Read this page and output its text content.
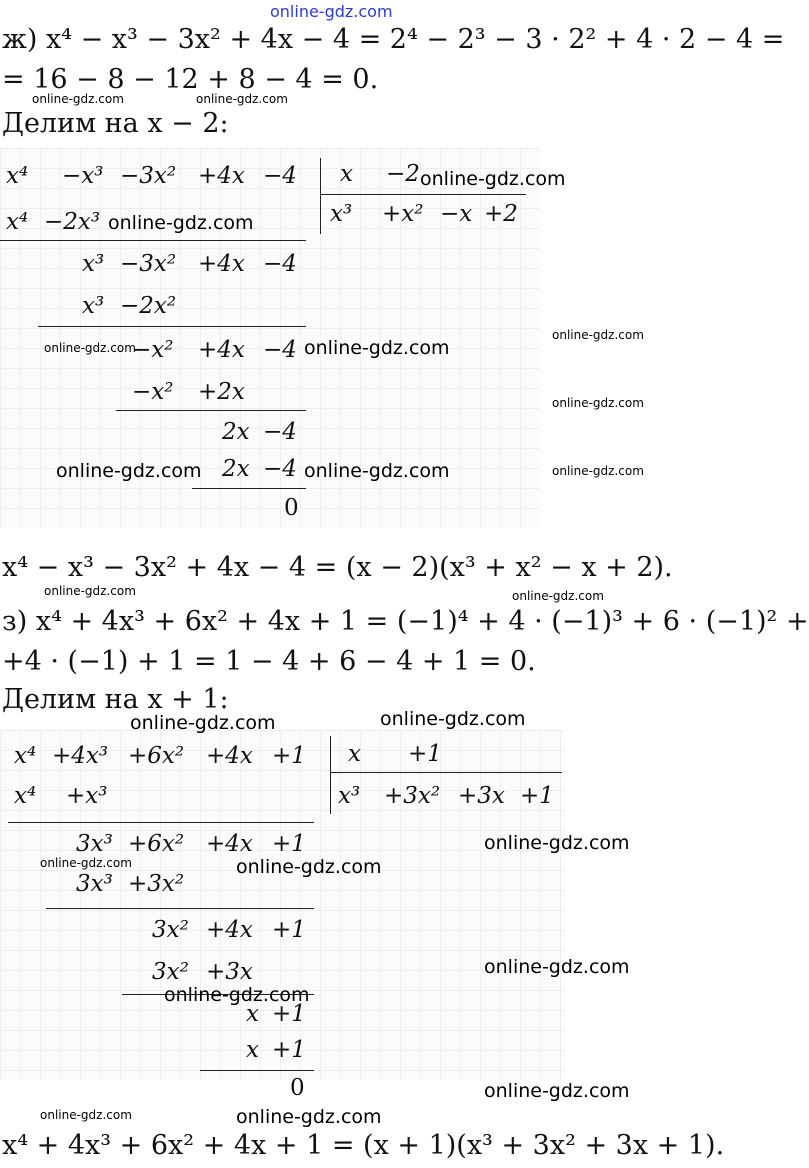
online-gdz.com
ж) x⁴ − x³ − 3x² + 4x − 4 = 2⁴ − 2³ − 3 · 2² + 4 · 2 − 4 =
= 16 − 8 − 12 + 8 − 4 = 0.
Делим на x − 2:
x⁴ −x³ −3x² +4x −4 x −2
x³ +x² −x +2
x⁴ −2x³
x³ −3x² +4x −4
x³ −2x²
−x² +4x −4
−x² +2x
2x −4
2x −4
0
x⁴ − x³ − 3x² + 4x − 4 = (x − 2)(x³ + x² − x + 2).
з) x⁴ + 4x³ + 6x² + 4x + 1 = (−1)⁴ + 4 · (−1)³ + 6 · (−1)² +
+4 · (−1) + 1 = 1 − 4 + 6 − 4 + 1 = 0.
Делим на x + 1:
x⁴ +4x³ +6x² +4x +1 x +1
x³ +3x² +3x +1
x⁴ +x³
3x³ +6x² +4x +1
3x³ +3x²
3x² +4x +1
3x² +3x
x +1
x +1
0
x⁴ + 4x³ + 6x² + 4x + 1 = (x + 1)(x³ + 3x² + 3x + 1).
online-gdz.com	online-gdz.com
online-gdz.com
online-gdz.com
online-gdz.com
online-gdz.com	online-gdz.com
online-gdz.com
online-gdz.com	online-gdz.com	online-gdz.com
online-gdz.com	online-gdz.com
online-gdz.com	online-gdz.com
online-gdz.com
online-gdz.com	online-gdz.com
online-gdz.com
online-gdz.com
online-gdz.com
online-gdz.com	online-gdz.com
